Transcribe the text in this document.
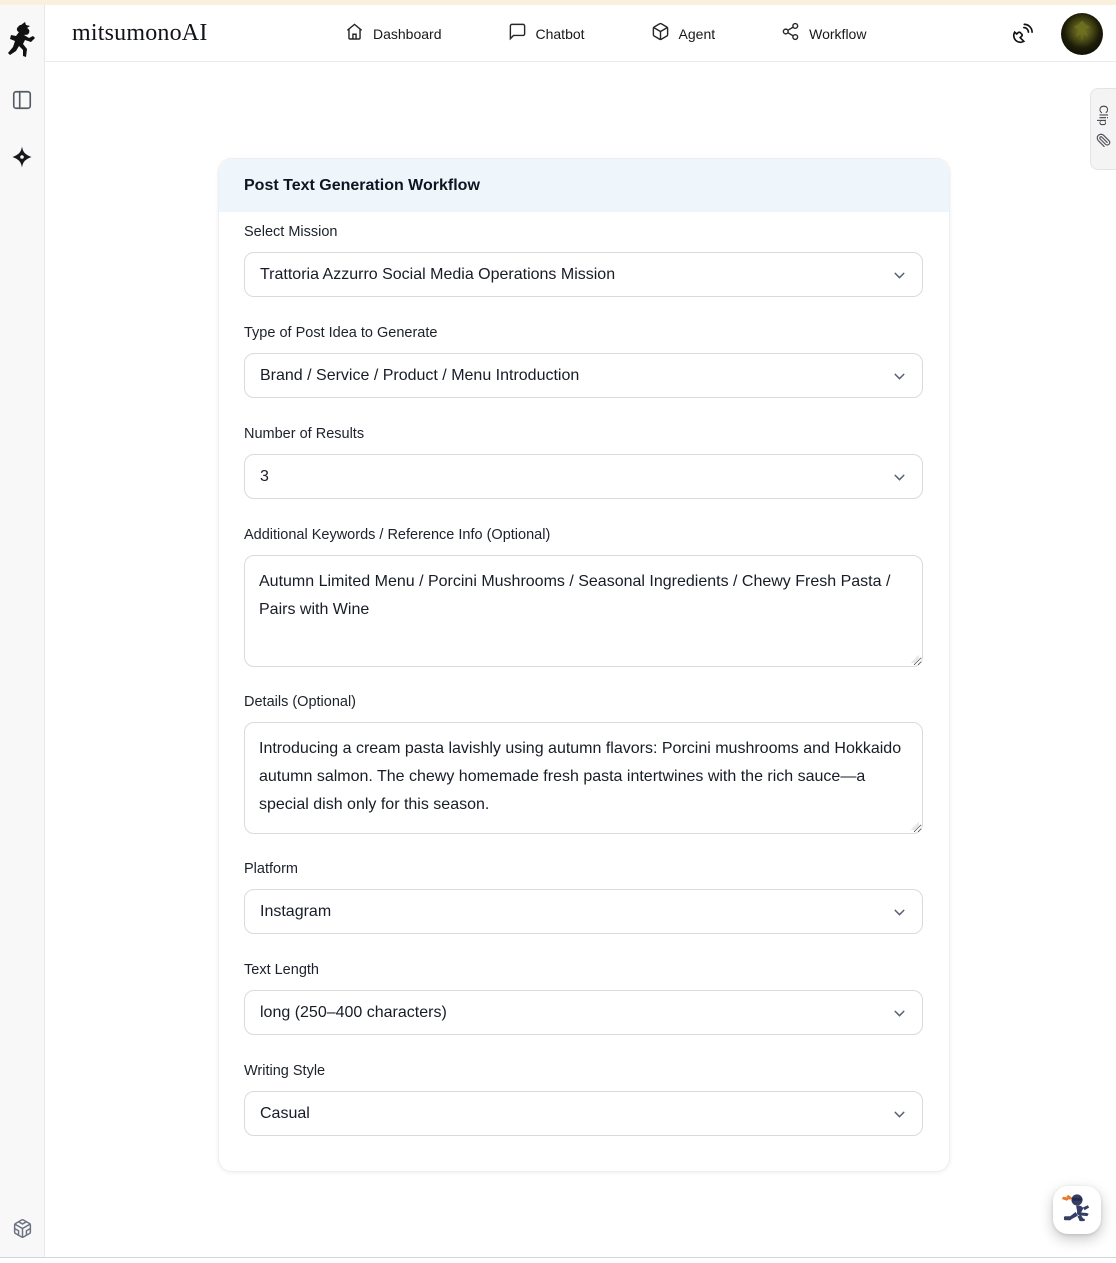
mitsumonoAI	Dashboard	Chatbot	Agent	Workflow
Clip
Post Text Generation Workflow
Select Mission
Trattoria Azzurro Social Media Operations Mission
Type of Post Idea to Generate
Brand / Service / Product / Menu Introduction
Number of Results
3
Additional Keywords / Reference Info (Optional)
Autumn Limited Menu / Porcini Mushrooms / Seasonal Ingredients / Chewy Fresh Pasta / Pairs with Wine
Details (Optional)
Introducing a cream pasta lavishly using autumn flavors: Porcini mushrooms and Hokkaido autumn salmon. The chewy homemade fresh pasta intertwines with the rich sauce—a special dish only for this season.
Platform
Instagram
Text Length
long (250–400 characters)
Writing Style
Casual
